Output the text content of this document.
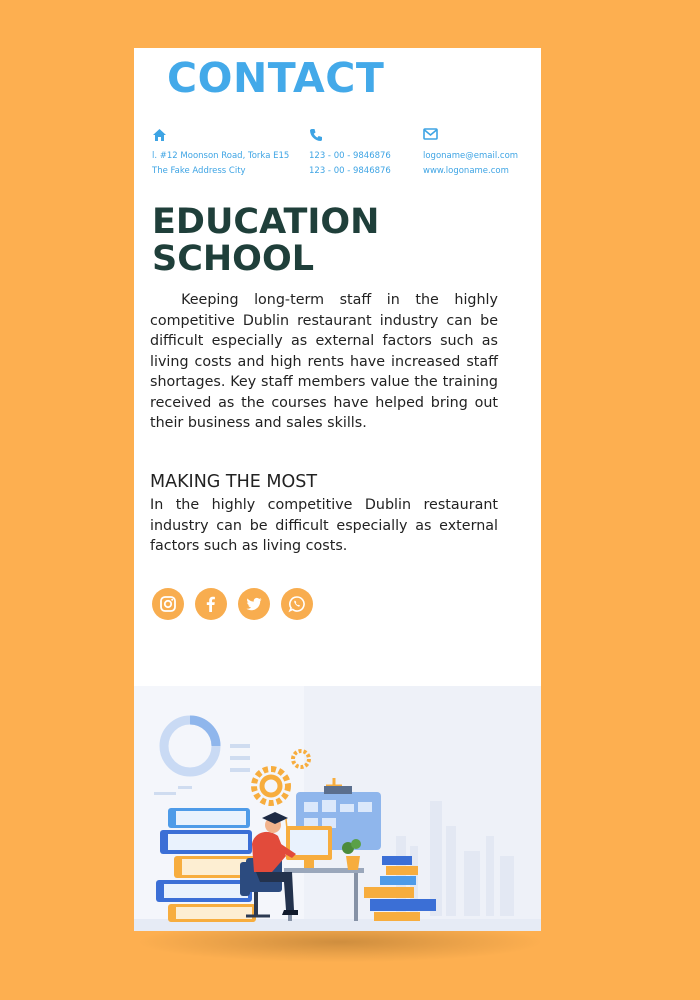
CONTACT
l. #12 Moonson Road, Torka E15
The Fake Address City
123 - 00 - 9846876
123 - 00 - 9846876
logoname@email.com
www.logoname.com
EDUCATION
SCHOOL

Keeping long-term staff in the highly competitive Dublin restaurant industry can be difficult especially as external factors such as living costs and high rents have increased staff shortages. Key staff members value the training received as the courses have helped bring out their business and sales skills.

MAKING THE MOST

In the highly competitive Dublin restaurant industry can be difficult especially as external factors such as living costs.
